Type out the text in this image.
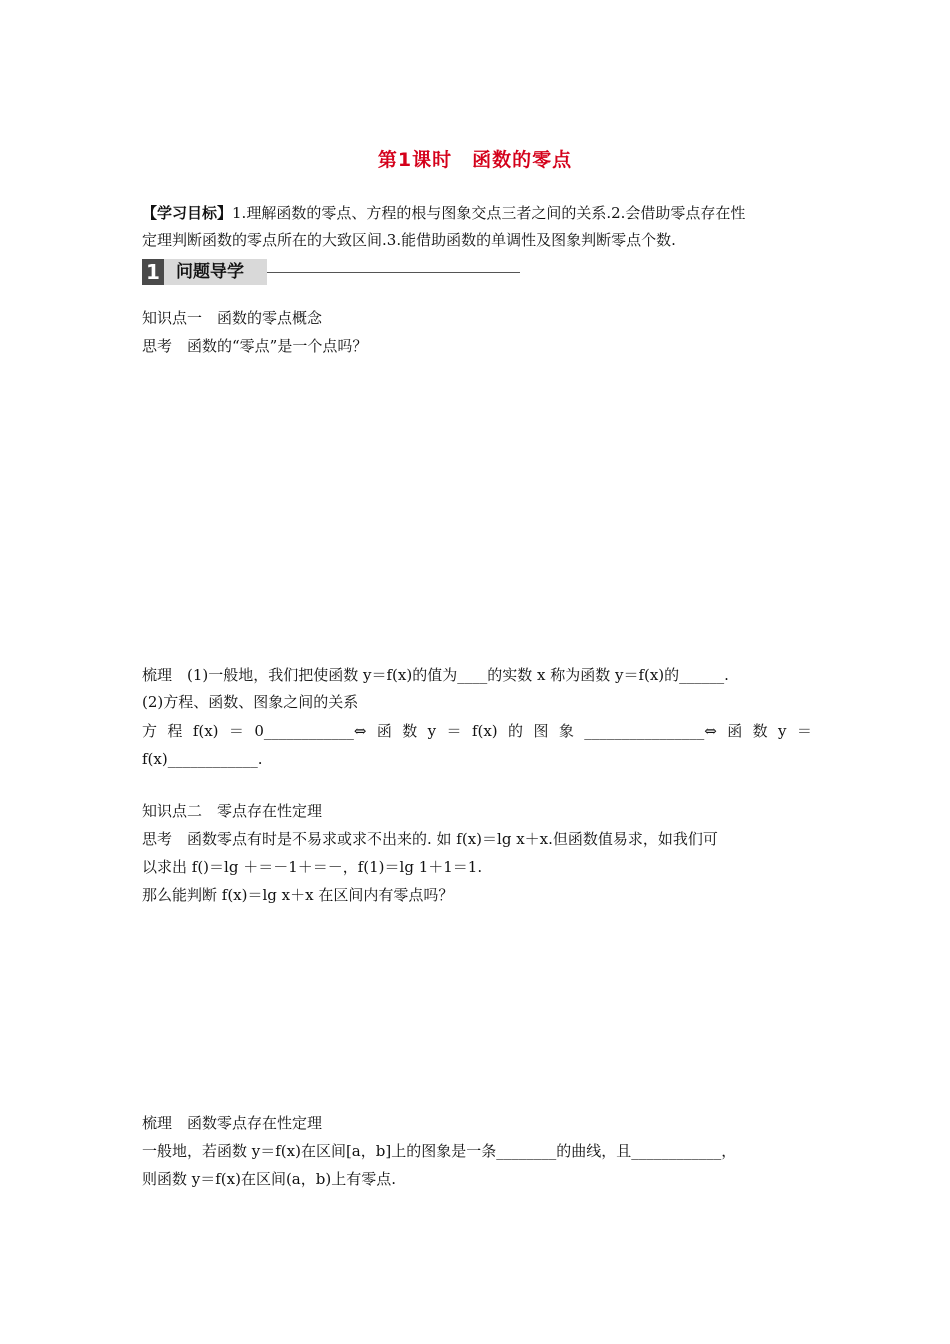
第1课时　函数的零点
【学习目标】1.理解函数的零点、方程的根与图象交点三者之间的关系.2.会借助零点存在性
定理判断函数的零点所在的大致区间.3.能借助函数的单调性及图象判断零点个数.
1 问题导学
知识点一　函数的零点概念
思考　函数的“零点”是一个点吗？
梳理　(1)一般地，我们把使函数 y＝f(x)的值为____的实数 x 称为函数 y＝f(x)的______.
(2)方程、函数、图象之间的关系
方 程 f(x) ＝ 0____________⇔ 函 数 y ＝ f(x) 的 图 象 ________________⇔ 函 数 y ＝
f(x)____________.
知识点二　零点存在性定理
思考　函数零点有时是不易求或求不出来的. 如 f(x)＝lg x＋x.但函数值易求，如我们可
以求出 f()＝lg ＋＝－1＋＝－，f(1)＝lg 1＋1＝1.
那么能判断 f(x)＝lg x＋x 在区间内有零点吗？
梳理　函数零点存在性定理
一般地，若函数 y＝f(x)在区间[a，b]上的图象是一条________的曲线，且____________，
则函数 y＝f(x)在区间(a，b)上有零点.
